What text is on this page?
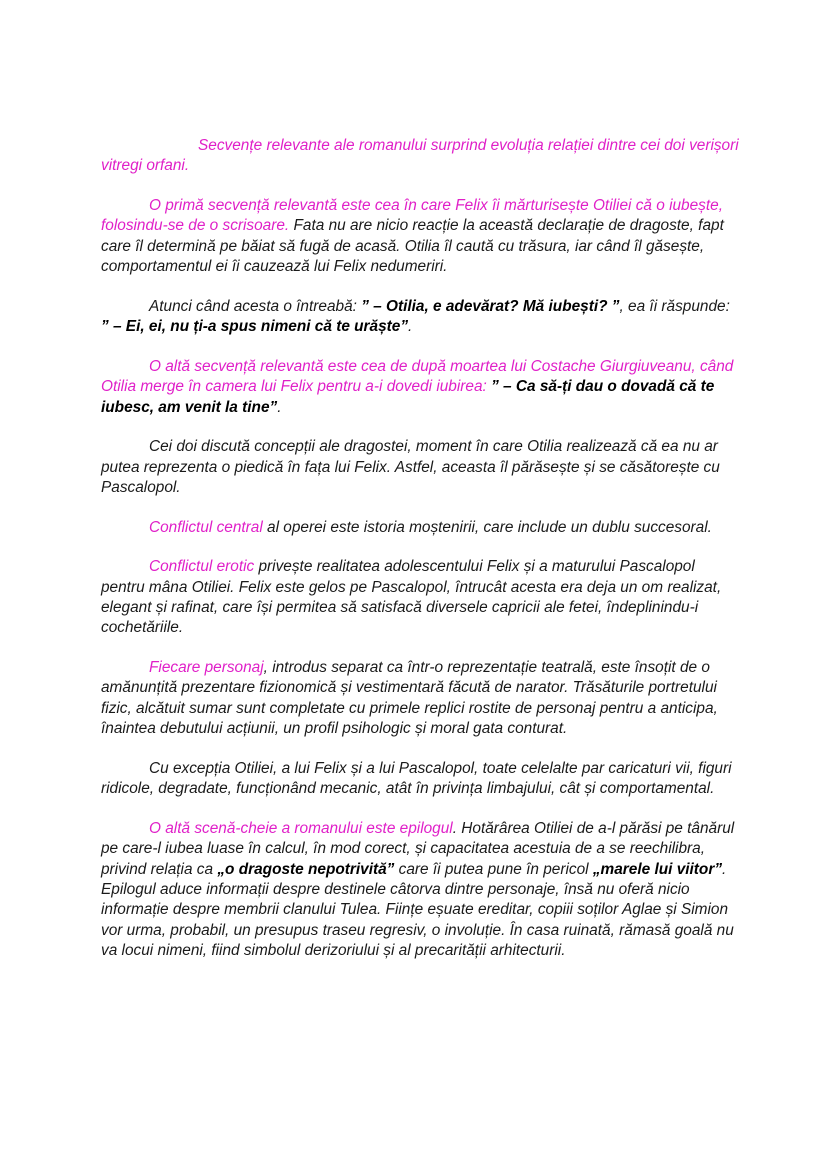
Secvențe relevante ale romanului surprind evoluția relației dintre cei doi verișori vitregi orfani.

O primă secvență relevantă este cea în care Felix îi mărturisește Otiliei că o iubește, folosindu-se de o scrisoare. Fata nu are nicio reacție la această declarație de dragoste, fapt care îl determină pe băiat să fugă de acasă. Otilia îl caută cu trăsura, iar când îl găsește, comportamentul ei îi cauzează lui Felix nedumeriri.

Atunci când acesta o întreabă: ” – Otilia, e adevărat? Mă iubești? ”, ea îi răspunde: ” – Ei, ei, nu ți-a spus nimeni că te urăște”.

O altă secvență relevantă este cea de după moartea lui Costache Giurgiuveanu, când Otilia merge în camera lui Felix pentru a-i dovedi iubirea: ” – Ca să-ți dau o dovadă că te iubesc, am venit la tine”.

Cei doi discută concepții ale dragostei, moment în care Otilia realizează că ea nu ar putea reprezenta o piedică în fața lui Felix. Astfel, aceasta îl părăsește și se căsătorește cu Pascalopol.

Conflictul central al operei este istoria moștenirii, care include un dublu succesoral.

Conflictul erotic privește realitatea adolescentului Felix și a maturului Pascalopol pentru mâna Otiliei. Felix este gelos pe Pascalopol, întrucât acesta era deja un om realizat, elegant și rafinat, care își permitea să satisfacă diversele capricii ale fetei, îndeplinindu-i cochetăriile.

Fiecare personaj, introdus separat ca într-o reprezentație teatrală, este însoțit de o amănunțită prezentare fizionomică și vestimentară făcută de narator. Trăsăturile portretului fizic, alcătuit sumar sunt completate cu primele replici rostite de personaj pentru a anticipa, înaintea debutului acțiunii, un profil psihologic și moral gata conturat.

Cu excepția Otiliei, a lui Felix și a lui Pascalopol, toate celelalte par caricaturi vii, figuri ridicole, degradate, funcționând mecanic, atât în privința limbajului, cât și comportamental.

O altă scenă-cheie a romanului este epilogul. Hotărârea Otiliei de a-l părăsi pe tânărul pe care-l iubea luase în calcul, în mod corect, și capacitatea acestuia de a se reechilibra, privind relația ca „o dragoste nepotrivită” care îi putea pune în pericol „marele lui viitor”. Epilogul aduce informații despre destinele câtorva dintre personaje, însă nu oferă nicio informație despre membrii clanului Tulea. Ființe eșuate ereditar, copiii soților Aglae și Simion vor urma, probabil, un presupus traseu regresiv, o involuție. În casa ruinată, rămasă goală nu va locui nimeni, fiind simbolul derizoriului și al precarității arhitecturii.
